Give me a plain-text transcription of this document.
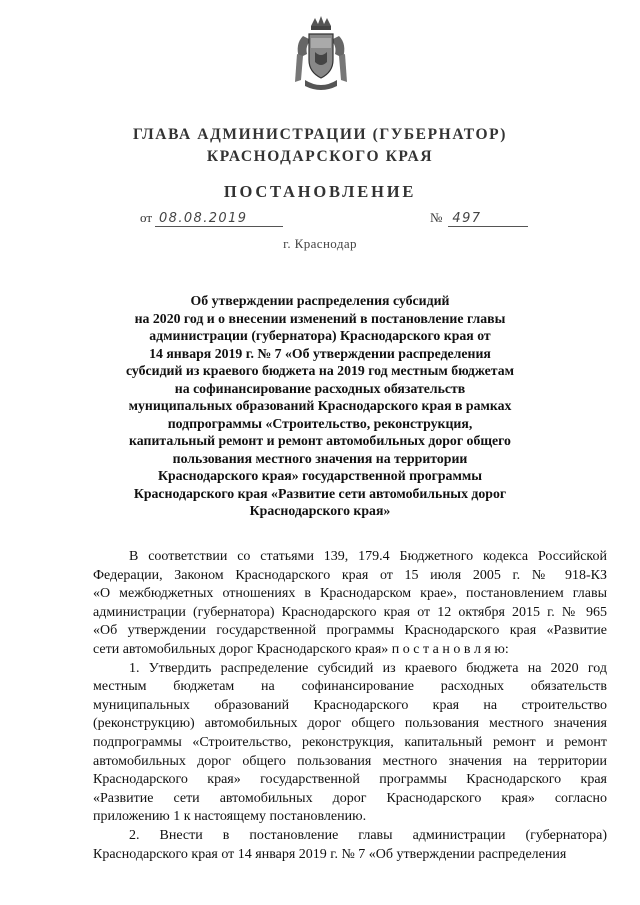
ГЛАВА АДМИНИСТРАЦИИ (ГУБЕРНАТОР)
КРАСНОДАРСКОГО КРАЯ
ПОСТАНОВЛЕНИЕ
от 08.08.2019	№ 497
г. Краснодар
Об утверждении распределения субсидий
на 2020 год и о внесении изменений в постановление главы
администрации (губернатора) Краснодарского края от
14 января 2019 г. № 7 «Об утверждении распределения
субсидий из краевого бюджета на 2019 год местным бюджетам
на софинансирование расходных обязательств
муниципальных образований Краснодарского края в рамках
подпрограммы «Строительство, реконструкция,
капитальный ремонт и ремонт автомобильных дорог общего
пользования местного значения на территории
Краснодарского края» государственной программы
Краснодарского края «Развитие сети автомобильных дорог
Краснодарского края»
В соответствии со статьями 139, 179.4 Бюджетного кодекса Российской
Федерации, Законом Краснодарского края от 15 июля 2005 г. № 918-КЗ
«О межбюджетных отношениях в Краснодарском крае», постановлением главы
администрации (губернатора) Краснодарского края от 12 октября 2015 г. № 965
«Об утверждении государственной программы Краснодарского края «Развитие
сети автомобильных дорог Краснодарского края» п о с т а н о в л я ю:
1. Утвердить распределение субсидий из краевого бюджета на 2020 год
местным бюджетам на софинансирование расходных обязательств
муниципальных образований Краснодарского края на строительство
(реконструкцию) автомобильных дорог общего пользования местного значения
подпрограммы «Строительство, реконструкция, капитальный ремонт и ремонт
автомобильных дорог общего пользования местного значения на территории
Краснодарского края» государственной программы Краснодарского края
«Развитие сети автомобильных дорог Краснодарского края» согласно
приложению 1 к настоящему постановлению.
2. Внести в постановление главы администрации (губернатора)
Краснодарского края от 14 января 2019 г. № 7 «Об утверждении распределения
